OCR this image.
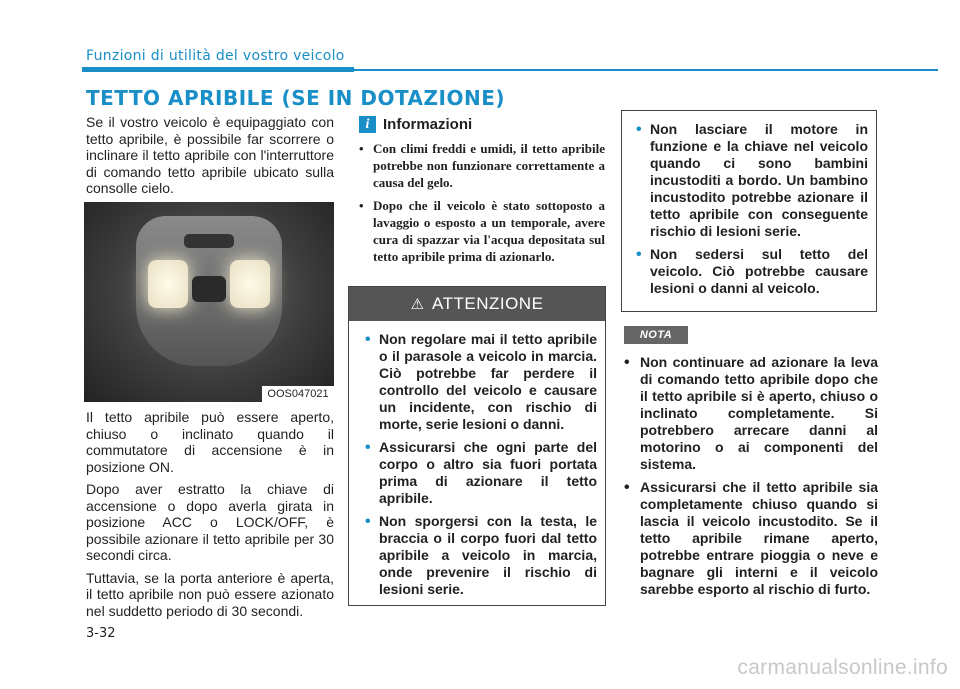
Funzioni di utilità del vostro veicolo
TETTO APRIBILE (SE IN DOTAZIONE)

Se il vostro veicolo è equipaggiato con tetto apribile, è possibile far scorrere o inclinare il tetto apribile con l'interruttore di comando tetto apribile ubicato sulla consolle cielo.

OOS047021

Il tetto apribile può essere aperto, chiuso o inclinato quando il commutatore di accensione è in posizione ON.

Dopo aver estratto la chiave di accensione o dopo averla girata in posizione ACC o LOCK/OFF, è possibile azionare il tetto apribile per 30 secondi circa.

Tuttavia, se la porta anteriore è aperta, il tetto apribile non può essere azionato nel suddetto periodo di 30 secondi.

i Informazioni
• Con climi freddi e umidi, il tetto apribile potrebbe non funzionare correttamente a causa del gelo.
• Dopo che il veicolo è stato sottoposto a lavaggio o esposto a un temporale, avere cura di spazzar via l'acqua depositata sul tetto apribile prima di azionarlo.
⚠ ATTENZIONE
• Non regolare mai il tetto apribile o il parasole a veicolo in marcia. Ciò potrebbe far perdere il controllo del veicolo e causare un incidente, con rischio di morte, serie lesioni o danni.
• Assicurarsi che ogni parte del corpo o altro sia fuori portata prima di azionare il tetto apribile.
• Non sporgersi con la testa, le braccia o il corpo fuori dal tetto apribile a veicolo in marcia, onde prevenire il rischio di lesioni serie.
• Non lasciare il motore in funzione e la chiave nel veicolo quando ci sono bambini incustoditi a bordo. Un bambino incustodito potrebbe azionare il tetto apribile con conseguente rischio di lesioni serie.
• Non sedersi sul tetto del veicolo. Ciò potrebbe causare lesioni o danni al veicolo.
NOTA
• Non continuare ad azionare la leva di comando tetto apribile dopo che il tetto apribile si è aperto, chiuso o inclinato completamente. Si potrebbero arrecare danni al motorino o ai componenti del sistema.
• Assicurarsi che il tetto apribile sia completamente chiuso quando si lascia il veicolo incustodito. Se il tetto apribile rimane aperto, potrebbe entrare pioggia o neve e bagnare gli interni e il veicolo sarebbe esporto al rischio di furto.
3-32
carmanualsonline.info
